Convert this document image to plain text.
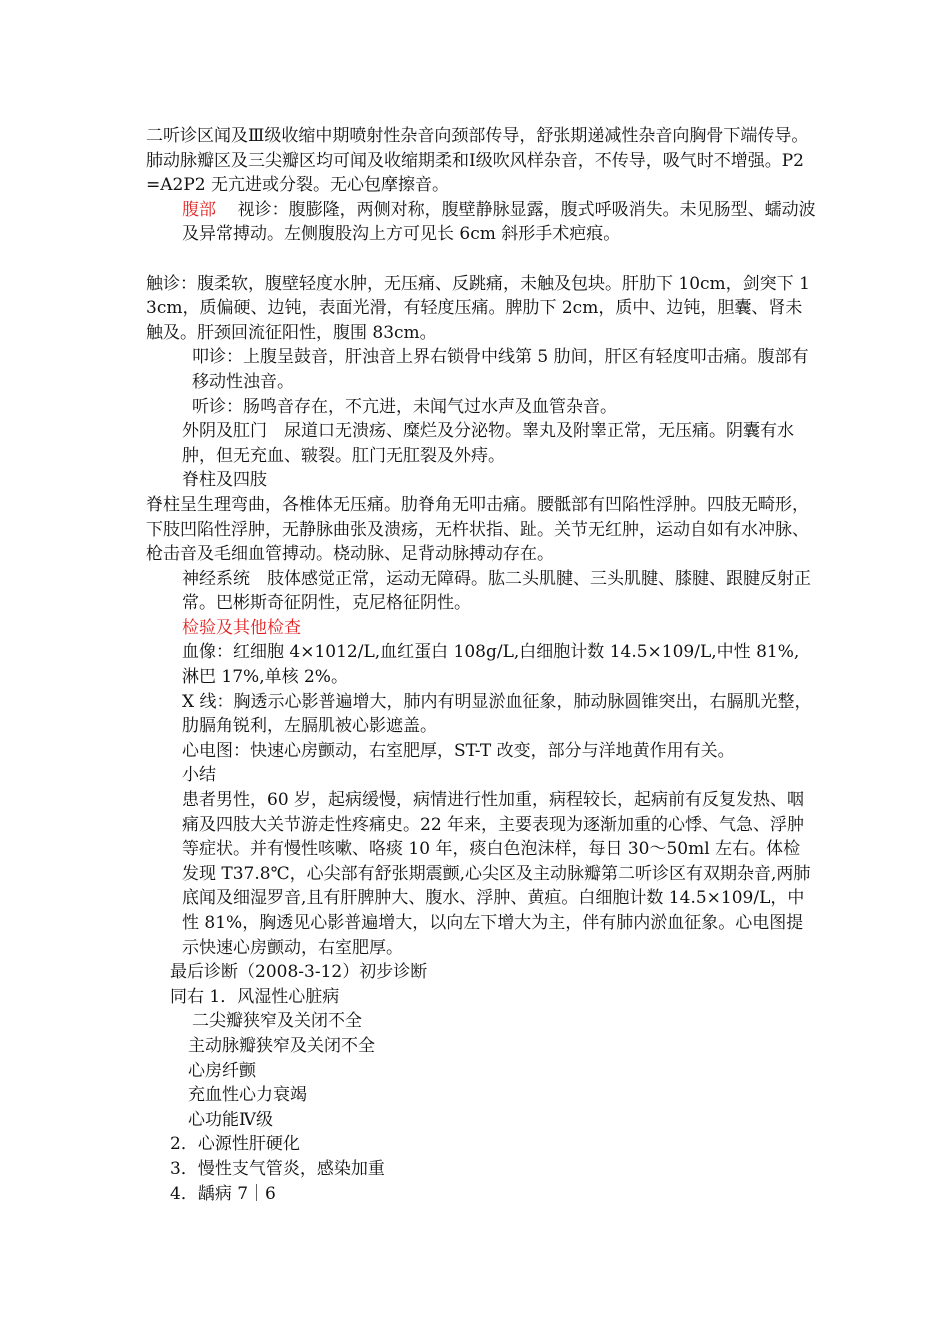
二听诊区闻及Ⅲ级收缩中期喷射性杂音向颈部传导，舒张期递减性杂音向胸骨下端传导。肺动脉瓣区及三尖瓣区均可闻及收缩期柔和Ⅰ级吹风样杂音，不传导，吸气时不增强。P2=A2P2 无亢进或分裂。无心包摩擦音。

腹部 视诊：腹膨隆，两侧对称，腹壁静脉显露，腹式呼吸消失。未见肠型、蠕动波及异常搏动。左侧腹股沟上方可见长 6cm 斜形手术疤痕。

触诊：腹柔软，腹壁轻度水肿，无压痛、反跳痛，未触及包块。肝肋下 10cm，剑突下 13cm，质偏硬、边钝，表面光滑，有轻度压痛。脾肋下 2cm，质中、边钝，胆囊、肾未触及。肝颈回流征阳性，腹围 83cm。

叩诊：上腹呈鼓音，肝浊音上界右锁骨中线第 5 肋间，肝区有轻度叩击痛。腹部有移动性浊音。

听诊：肠鸣音存在，不亢进，未闻气过水声及血管杂音。

外阴及肛门　尿道口无溃疡、糜烂及分泌物。睾丸及附睾正常，无压痛。阴囊有水肿，但无充血、皲裂。肛门无肛裂及外痔。

脊柱及四肢

脊柱呈生理弯曲，各椎体无压痛。肋脊角无叩击痛。腰骶部有凹陷性浮肿。四肢无畸形，下肢凹陷性浮肿，无静脉曲张及溃疡，无杵状指、趾。关节无红肿，运动自如有水冲脉、枪击音及毛细血管搏动。桡动脉、足背动脉搏动存在。

神经系统　肢体感觉正常，运动无障碍。肱二头肌腱、三头肌腱、膝腱、跟腱反射正常。巴彬斯奇征阴性，克尼格征阴性。

检验及其他检查

血像：红细胞 4×1012/L,血红蛋白 108g/L,白细胞计数 14.5×109/L,中性 81%,淋巴 17%,单核 2%。

X 线：胸透示心影普遍增大，肺内有明显淤血征象，肺动脉圆锥突出，右膈肌光整，肋膈角锐利，左膈肌被心影遮盖。

心电图：快速心房颤动，右室肥厚，ST-T 改变，部分与洋地黄作用有关。

小结

患者男性，60 岁，起病缓慢，病情进行性加重，病程较长，起病前有反复发热、咽痛及四肢大关节游走性疼痛史。22 年来，主要表现为逐渐加重的心悸、气急、浮肿等症状。并有慢性咳嗽、咯痰 10 年，痰白色泡沫样，每日 30～50ml 左右。体检发现 T37.8℃，心尖部有舒张期震颤,心尖区及主动脉瓣第二听诊区有双期杂音,两肺底闻及细湿罗音,且有肝脾肿大、腹水、浮肿、黄疸。白细胞计数 14.5×109/L，中性 81%，胸透见心影普遍增大，以向左下增大为主，伴有肺内淤血征象。心电图提示快速心房颤动，右室肥厚。

最后诊断（2008-3-12）初步诊断

同右 1．风湿性心脏病

二尖瓣狭窄及关闭不全

主动脉瓣狭窄及关闭不全

心房纤颤

充血性心力衰竭

心功能Ⅳ级

2．心源性肝硬化

3．慢性支气管炎，感染加重

4．龋病 7｜6
